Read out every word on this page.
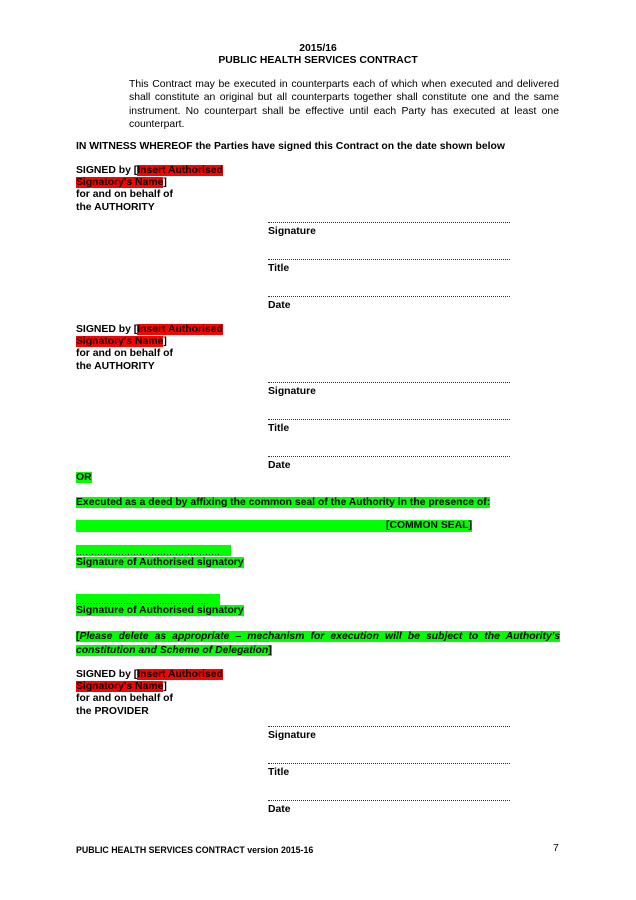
2015/16
PUBLIC HEALTH SERVICES CONTRACT
This Contract may be executed in counterparts each of which when executed and delivered shall constitute an original but all counterparts together shall constitute one and the same instrument. No counterpart shall be effective until each Party has executed at least one counterpart.
IN WITNESS WHEREOF the Parties have signed this Contract on the date shown below
SIGNED by [Insert Authorised
Signatory's Name]
for and on behalf of
the AUTHORITY
Signature
Title
Date
SIGNED by [Insert Authorised
Signatory's Name]
for and on behalf of
the AUTHORITY
Signature
Title
Date
OR
Executed as a deed by affixing the common seal of the Authority in the presence of:
[COMMON SEAL]
…………………………………………
Signature of Authorised signatory
…………………………………………
Signature of Authorised signatory
[Please delete as appropriate – mechanism for execution will be subject to the Authority's constitution and Scheme of Delegation]
SIGNED by [Insert Authorised
Signatory's Name]
for and on behalf of
the PROVIDER
Signature
Title
Date
PUBLIC HEALTH SERVICES CONTRACT version 2015-16	7
